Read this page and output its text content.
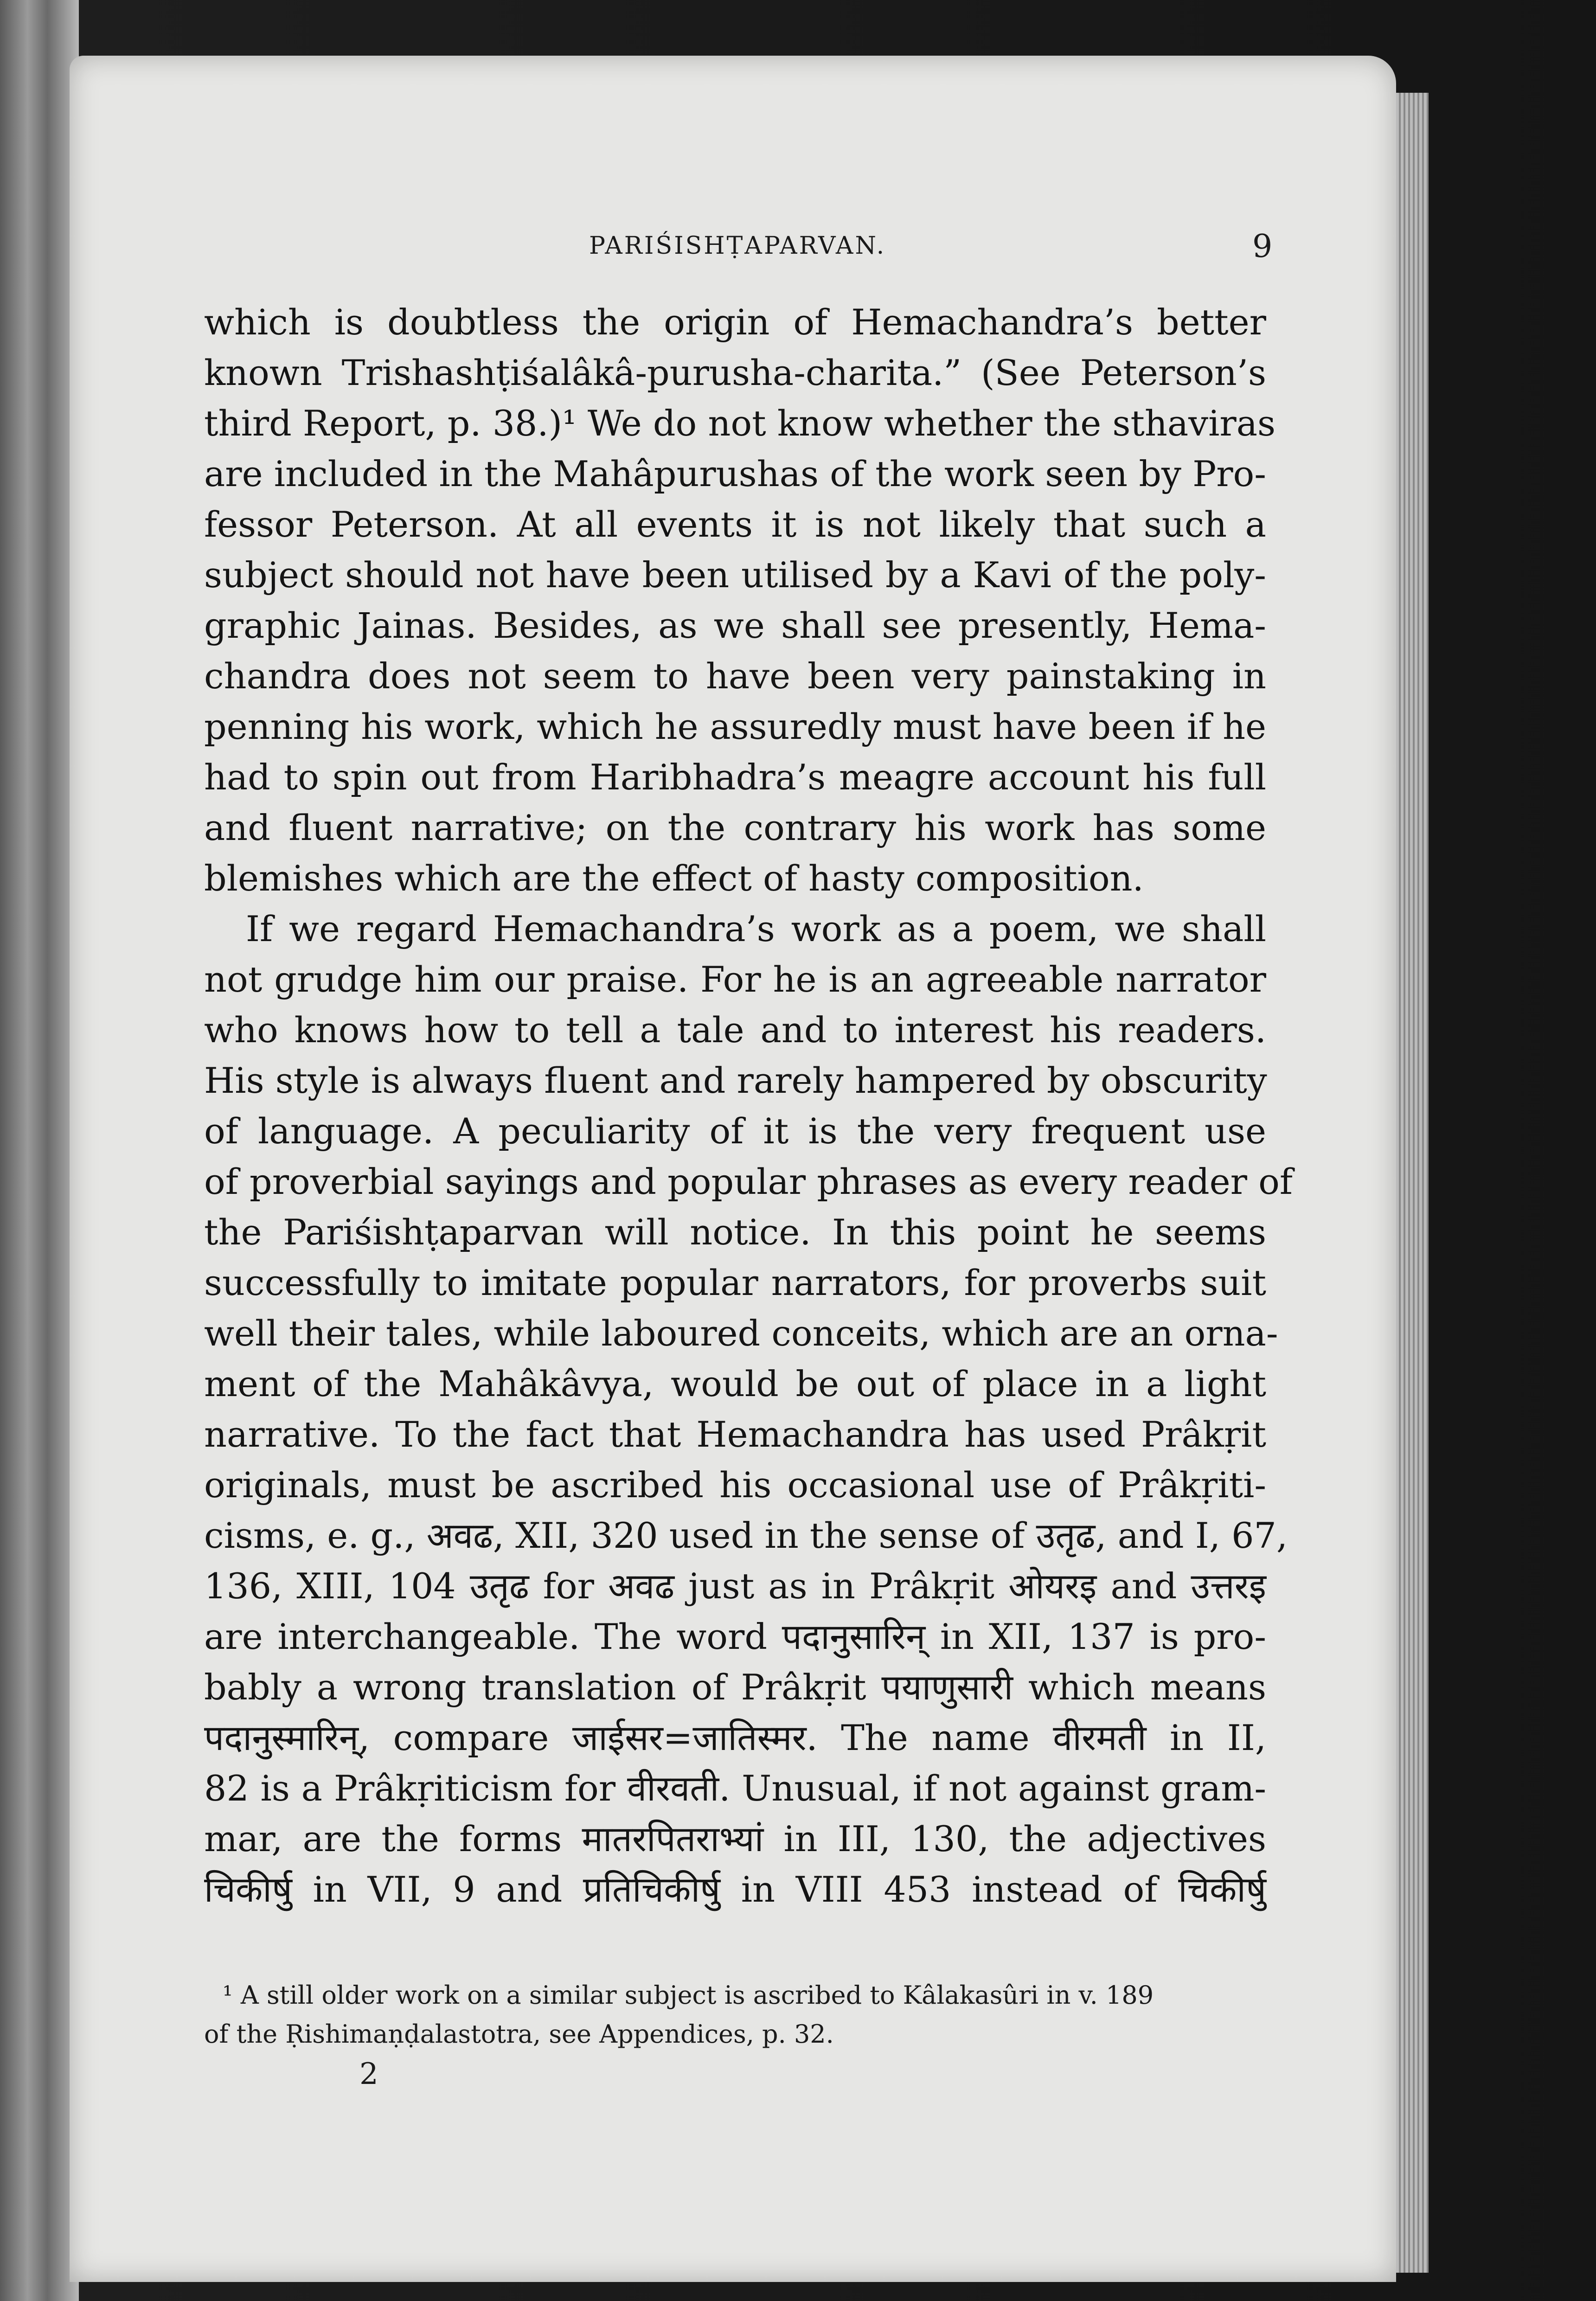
PARIŚISHṬAPARVAN.	9
which is doubtless the origin of Hemachandra’s better
known Trishashṭiśalâkâ-purusha-charita.” (See Peterson’s
third Report, p. 38.)¹ We do not know whether the sthaviras
are included in the Mahâpurushas of the work seen by Pro-
fessor Peterson. At all events it is not likely that such a
subject should not have been utilised by a Kavi of the poly-
graphic Jainas. Besides, as we shall see presently, Hema-
chandra does not seem to have been very painstaking in
penning his work, which he assuredly must have been if he
had to spin out from Haribhadra’s meagre account his full
and fluent narrative; on the contrary his work has some
blemishes which are the effect of hasty composition.
If we regard Hemachandra’s work as a poem, we shall
not grudge him our praise. For he is an agreeable narrator
who knows how to tell a tale and to interest his readers.
His style is always fluent and rarely hampered by obscurity
of language. A peculiarity of it is the very frequent use
of proverbial sayings and popular phrases as every reader of
the Pariśishṭaparvan will notice. In this point he seems
successfully to imitate popular narrators, for proverbs suit
well their tales, while laboured conceits, which are an orna-
ment of the Mahâkâvya, would be out of place in a light
narrative. To the fact that Hemachandra has used Prâkṛit
originals, must be ascribed his occasional use of Prâkṛiti-
cisms, e. g., अवढ, XII, 320 used in the sense of उतृढ, and I, 67,
136, XIII, 104 उतृढ for अवढ just as in Prâkṛit ओयरइ and उत्तरइ
are interchangeable. The word पदानुसारिन् in XII, 137 is pro-
bably a wrong translation of Prâkṛit पयाणुसारी which means
पदानुस्मारिन्, compare जाईसर=जातिस्मर. The name वीरमती in II,
82 is a Prâkṛiticism for वीरवती. Unusual, if not against gram-
mar, are the forms मातरपितराभ्यां in III, 130, the adjectives
चिकीर्षु in VII, 9 and प्रतिचिकीर्षु in VIII 453 instead of चिकीर्षु
¹ A still older work on a similar subject is ascribed to Kâlakasûri in v. 189
of the Ṛishimaṇḍalastotra, see Appendices, p. 32.
2
